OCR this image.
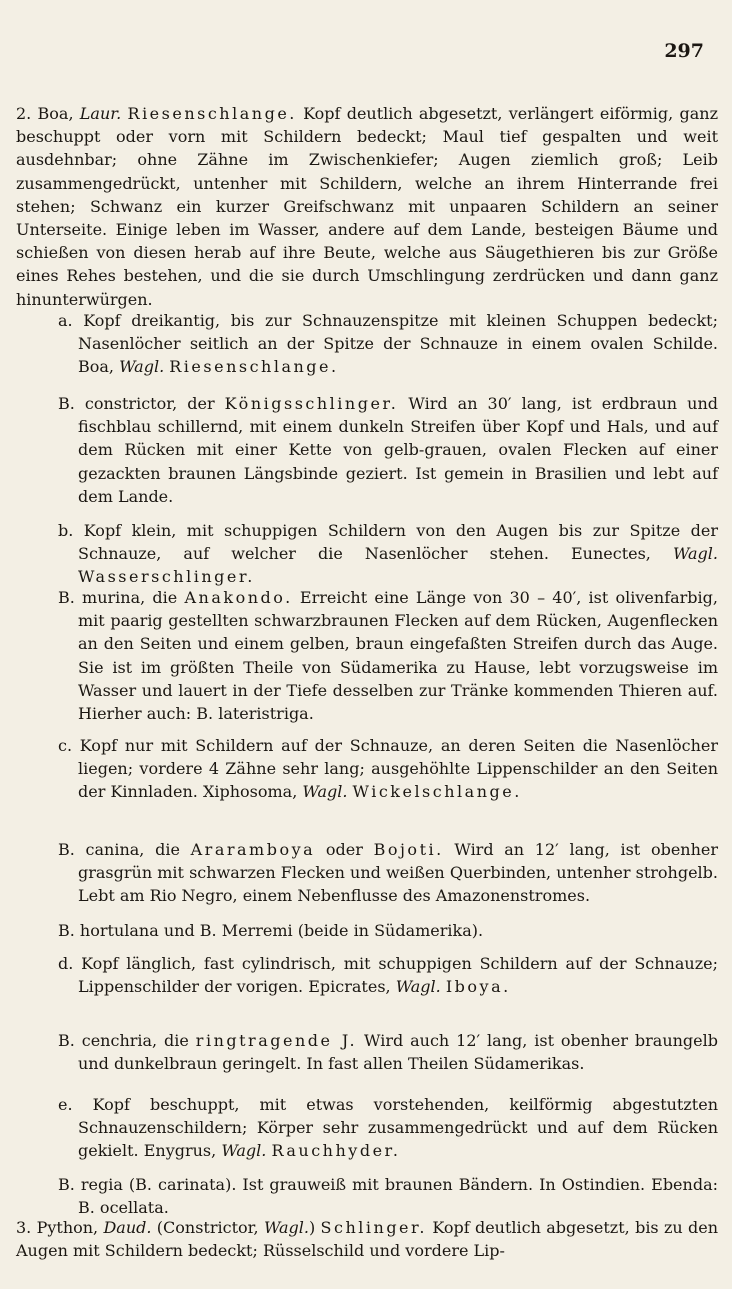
297

2. Boa, Laur. Riesenschlange. Kopf deutlich abgesetzt, verlängert eiförmig, ganz beschuppt oder vorn mit Schildern bedeckt; Maul tief gespalten und weit ausdehnbar; ohne Zähne im Zwischenkiefer; Augen ziemlich groß; Leib zusammengedrückt, untenher mit Schildern, welche an ihrem Hinterrande frei stehen; Schwanz ein kurzer Greifschwanz mit unpaaren Schildern an seiner Unterseite. Einige leben im Wasser, andere auf dem Lande, besteigen Bäume und schießen von diesen herab auf ihre Beute, welche aus Säugethieren bis zur Größe eines Rehes bestehen, und die sie durch Umschlingung zerdrücken und dann ganz hinunterwürgen.

a. Kopf dreikantig, bis zur Schnauzenspitze mit kleinen Schuppen bedeckt; Nasenlöcher seitlich an der Spitze der Schnauze in einem ovalen Schilde. Boa, Wagl. Riesenschlange.

B. constrictor, der Königsschlinger. Wird an 30′ lang, ist erdbraun und fischblau schillernd, mit einem dunkeln Streifen über Kopf und Hals, und auf dem Rücken mit einer Kette von gelb-grauen, ovalen Flecken auf einer gezackten braunen Längsbinde geziert. Ist gemein in Brasilien und lebt auf dem Lande.

b. Kopf klein, mit schuppigen Schildern von den Augen bis zur Spitze der Schnauze, auf welcher die Nasenlöcher stehen. Eunectes, Wagl. Wasserschlinger.

B. murina, die Anakondo. Erreicht eine Länge von 30 – 40′, ist olivenfarbig, mit paarig gestellten schwarzbraunen Flecken auf dem Rücken, Augenflecken an den Seiten und einem gelben, braun eingefaßten Streifen durch das Auge. Sie ist im größten Theile von Südamerika zu Hause, lebt vorzugsweise im Wasser und lauert in der Tiefe desselben zur Tränke kommenden Thieren auf. Hierher auch: B. lateristriga.

c. Kopf nur mit Schildern auf der Schnauze, an deren Seiten die Nasenlöcher liegen; vordere 4 Zähne sehr lang; ausgehöhlte Lippenschilder an den Seiten der Kinnladen. Xiphosoma, Wagl. Wickelschlange.

B. canina, die Araramboya oder Bojoti. Wird an 12′ lang, ist obenher grasgrün mit schwarzen Flecken und weißen Querbinden, untenher strohgelb. Lebt am Rio Negro, einem Nebenflusse des Amazonenstromes.

B. hortulana und B. Merremi (beide in Südamerika).

d. Kopf länglich, fast cylindrisch, mit schuppigen Schildern auf der Schnauze; Lippenschilder der vorigen. Epicrates, Wagl. Iboya.

B. cenchria, die ringtragende J. Wird auch 12′ lang, ist obenher braungelb und dunkelbraun geringelt. In fast allen Theilen Südamerikas.

e. Kopf beschuppt, mit etwas vorstehenden, keilförmig abgestutzten Schnauzenschildern; Körper sehr zusammengedrückt und auf dem Rücken gekielt. Enygrus, Wagl. Rauchhyder.

B. regia (B. carinata). Ist grauweiß mit braunen Bändern. In Ostindien. Ebenda: B. ocellata.

3. Python, Daud. (Constrictor, Wagl.) Schlinger. Kopf deutlich abgesetzt, bis zu den Augen mit Schildern bedeckt; Rüsselschild und vordere Lip-
